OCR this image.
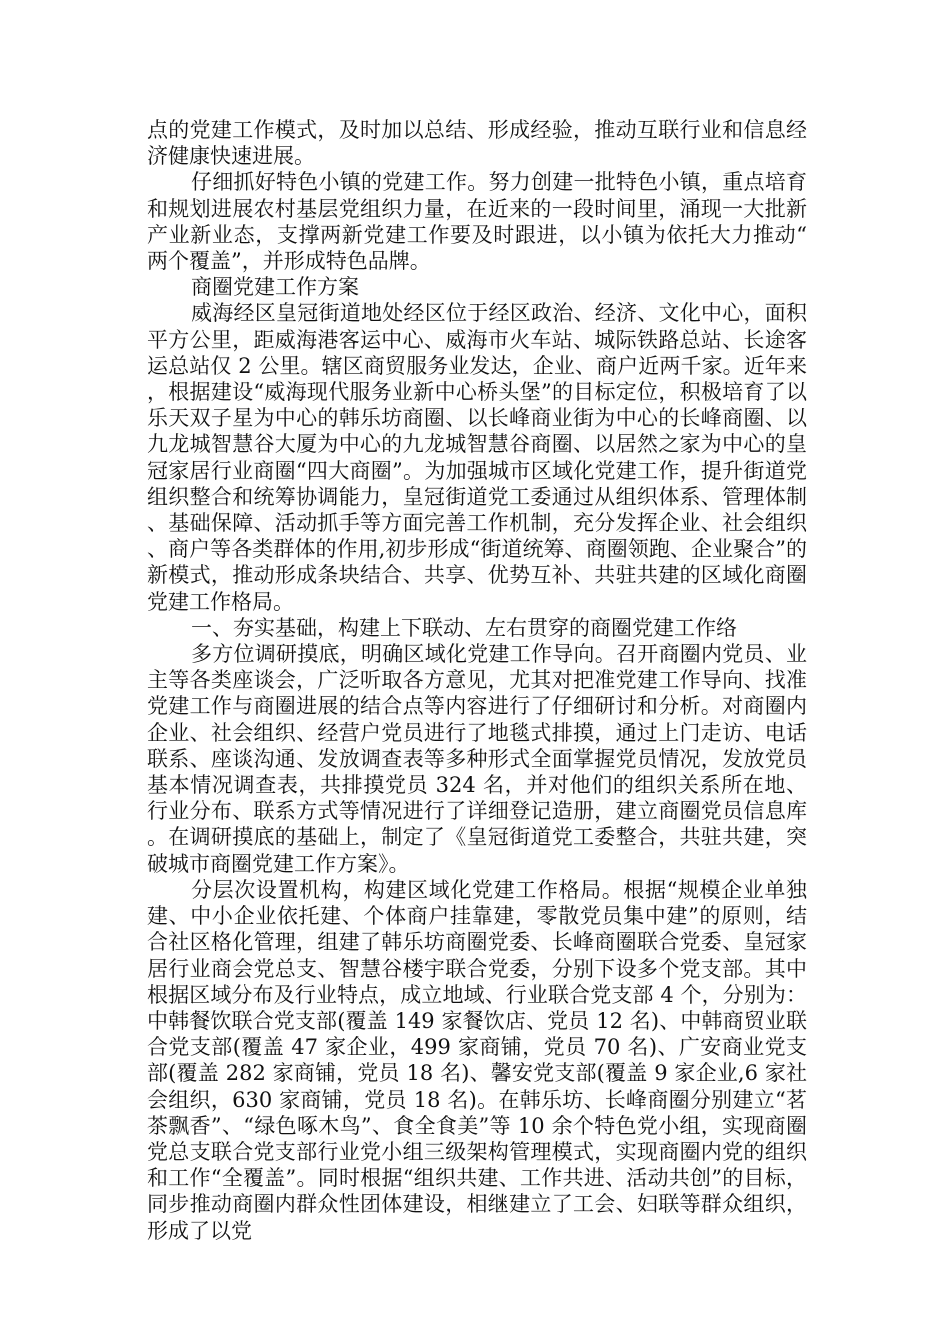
点的党建工作模式，及时加以总结、形成经验，推动互联行业和信息经济健康快速进展。

仔细抓好特色小镇的党建工作。努力创建一批特色小镇，重点培育和规划进展农村基层党组织力量，在近来的一段时间里，涌现一大批新产业新业态，支撑两新党建工作要及时跟进，以小镇为依托大力推动“两个覆盖”，并形成特色品牌。

商圈党建工作方案

威海经区皇冠街道地处经区位于经区政治、经济、文化中心，面积平方公里，距威海港客运中心、威海市火车站、城际铁路总站、长途客运总站仅 2 公里。辖区商贸服务业发达，企业、商户近两千家。近年来，根据建设“威海现代服务业新中心桥头堡”的目标定位，积极培育了以乐天双子星为中心的韩乐坊商圈、以长峰商业街为中心的长峰商圈、以九龙城智慧谷大厦为中心的九龙城智慧谷商圈、以居然之家为中心的皇冠家居行业商圈“四大商圈”。为加强城市区域化党建工作，提升街道党组织整合和统筹协调能力，皇冠街道党工委通过从组织体系、管理体制、基础保障、活动抓手等方面完善工作机制，充分发挥企业、社会组织、商户等各类群体的作用,初步形成“街道统筹、商圈领跑、企业聚合”的新模式，推动形成条块结合、共享、优势互补、共驻共建的区域化商圈党建工作格局。

一、夯实基础，构建上下联动、左右贯穿的商圈党建工作络

多方位调研摸底，明确区域化党建工作导向。召开商圈内党员、业主等各类座谈会，广泛听取各方意见，尤其对把准党建工作导向、找准党建工作与商圈进展的结合点等内容进行了仔细研讨和分析。对商圈内企业、社会组织、经营户党员进行了地毯式排摸，通过上门走访、电话联系、座谈沟通、发放调查表等多种形式全面掌握党员情况，发放党员基本情况调查表，共排摸党员 324 名，并对他们的组织关系所在地、行业分布、联系方式等情况进行了详细登记造册，建立商圈党员信息库。在调研摸底的基础上，制定了《皇冠街道党工委整合，共驻共建，突破城市商圈党建工作方案》。

分层次设置机构，构建区域化党建工作格局。根据“规模企业单独建、中小企业依托建、个体商户挂靠建，零散党员集中建”的原则，结合社区格化管理，组建了韩乐坊商圈党委、长峰商圈联合党委、皇冠家居行业商会党总支、智慧谷楼宇联合党委，分别下设多个党支部。其中根据区域分布及行业特点，成立地域、行业联合党支部 4 个，分别为：中韩餐饮联合党支部(覆盖 149 家餐饮店、党员 12 名)、中韩商贸业联合党支部(覆盖 47 家企业，499 家商铺，党员 70 名)、广安商业党支部(覆盖 282 家商铺，党员 18 名)、馨安党支部(覆盖 9 家企业,6 家社会组织，630 家商铺，党员 18 名)。在韩乐坊、长峰商圈分别建立“茗茶飘香”、“绿色啄木鸟”、食全食美”等 10 余个特色党小组，实现商圈党总支联合党支部行业党小组三级架构管理模式，实现商圈内党的组织和工作“全覆盖”。同时根据“组织共建、工作共进、活动共创”的目标，同步推动商圈内群众性团体建设，相继建立了工会、妇联等群众组织，形成了以党
